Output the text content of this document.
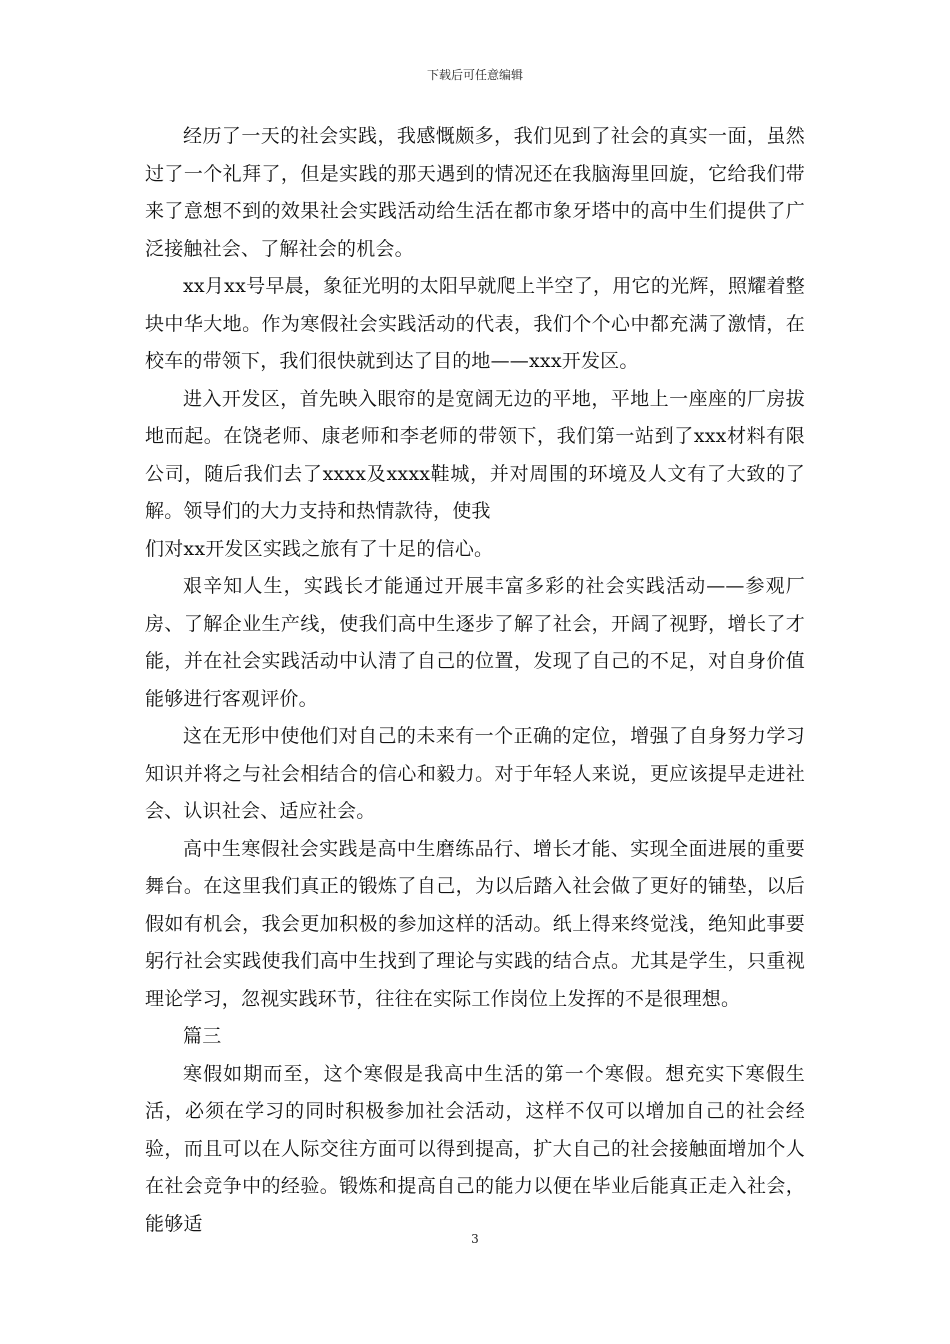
下载后可任意编辑

经历了一天的社会实践，我感慨颇多，我们见到了社会的真实一面，虽然过了一个礼拜了，但是实践的那天遇到的情况还在我脑海里回旋，它给我们带来了意想不到的效果社会实践活动给生活在都市象牙塔中的高中生们提供了广泛接触社会、了解社会的机会。

xx月xx号早晨，象征光明的太阳早就爬上半空了，用它的光辉，照耀着整块中华大地。作为寒假社会实践活动的代表，我们个个心中都充满了激情，在校车的带领下，我们很快就到达了目的地——xxx开发区。

进入开发区，首先映入眼帘的是宽阔无边的平地，平地上一座座的厂房拔地而起。在饶老师、康老师和李老师的带领下，我们第一站到了xxx材料有限公司，随后我们去了xxxx及xxxx鞋城，并对周围的环境及人文有了大致的了解。领导们的大力支持和热情款待，使我

们对xx开发区实践之旅有了十足的信心。

艰辛知人生，实践长才能通过开展丰富多彩的社会实践活动——参观厂房、了解企业生产线，使我们高中生逐步了解了社会，开阔了视野，增长了才能，并在社会实践活动中认清了自己的位置，发现了自己的不足，对自身价值能够进行客观评价。

这在无形中使他们对自己的未来有一个正确的定位，增强了自身努力学习知识并将之与社会相结合的信心和毅力。对于年轻人来说，更应该提早走进社会、认识社会、适应社会。

高中生寒假社会实践是高中生磨练品行、增长才能、实现全面进展的重要舞台。在这里我们真正的锻炼了自己，为以后踏入社会做了更好的铺垫，以后假如有机会，我会更加积极的参加这样的活动。纸上得来终觉浅，绝知此事要躬行社会实践使我们高中生找到了理论与实践的结合点。尤其是学生，只重视理论学习，忽视实践环节，往往在实际工作岗位上发挥的不是很理想。

篇三

寒假如期而至，这个寒假是我高中生活的第一个寒假。想充实下寒假生活，必须在学习的同时积极参加社会活动，这样不仅可以增加自己的社会经验，而且可以在人际交往方面可以得到提高，扩大自己的社会接触面增加个人在社会竞争中的经验。锻炼和提高自己的能力以便在毕业后能真正走入社会，能够适

3
